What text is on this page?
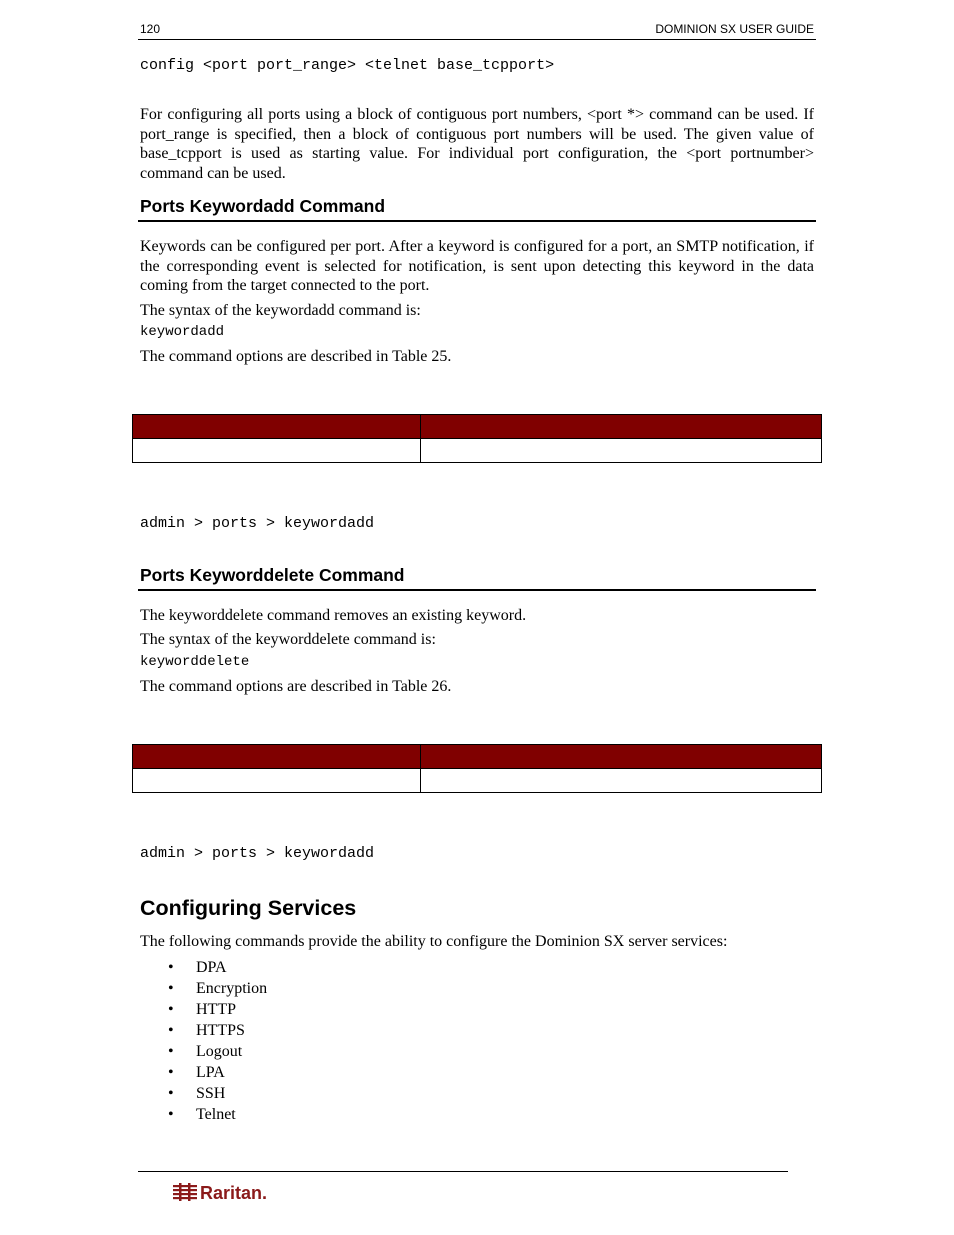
120	DOMINION SX USER GUIDE
config <port port_range> <telnet base_tcpport>
For configuring all ports using a block of contiguous port numbers, <port *> command can be used. If port_range is specified, then a block of contiguous port numbers will be used. The given value of base_tcpport is used as starting value. For individual port configuration, the <port portnumber> command can be used.
Ports Keywordadd Command
Keywords can be configured per port. After a keyword is configured for a port, an SMTP notification, if the corresponding event is selected for notification, is sent upon detecting this keyword in the data coming from the target connected to the port.
The syntax of the keywordadd command is:
keywordadd
The command options are described in Table 25.

admin > ports > keywordadd
Ports Keyworddelete Command
The keyworddelete command removes an existing keyword.
The syntax of the keyworddelete command is:
keyworddelete
The command options are described in Table 26.

admin > ports > keywordadd
Configuring Services
The following commands provide the ability to configure the Dominion SX server services:
• DPA
• Encryption
• HTTP
• HTTPS
• Logout
• LPA
• SSH
• Telnet
Raritan.
